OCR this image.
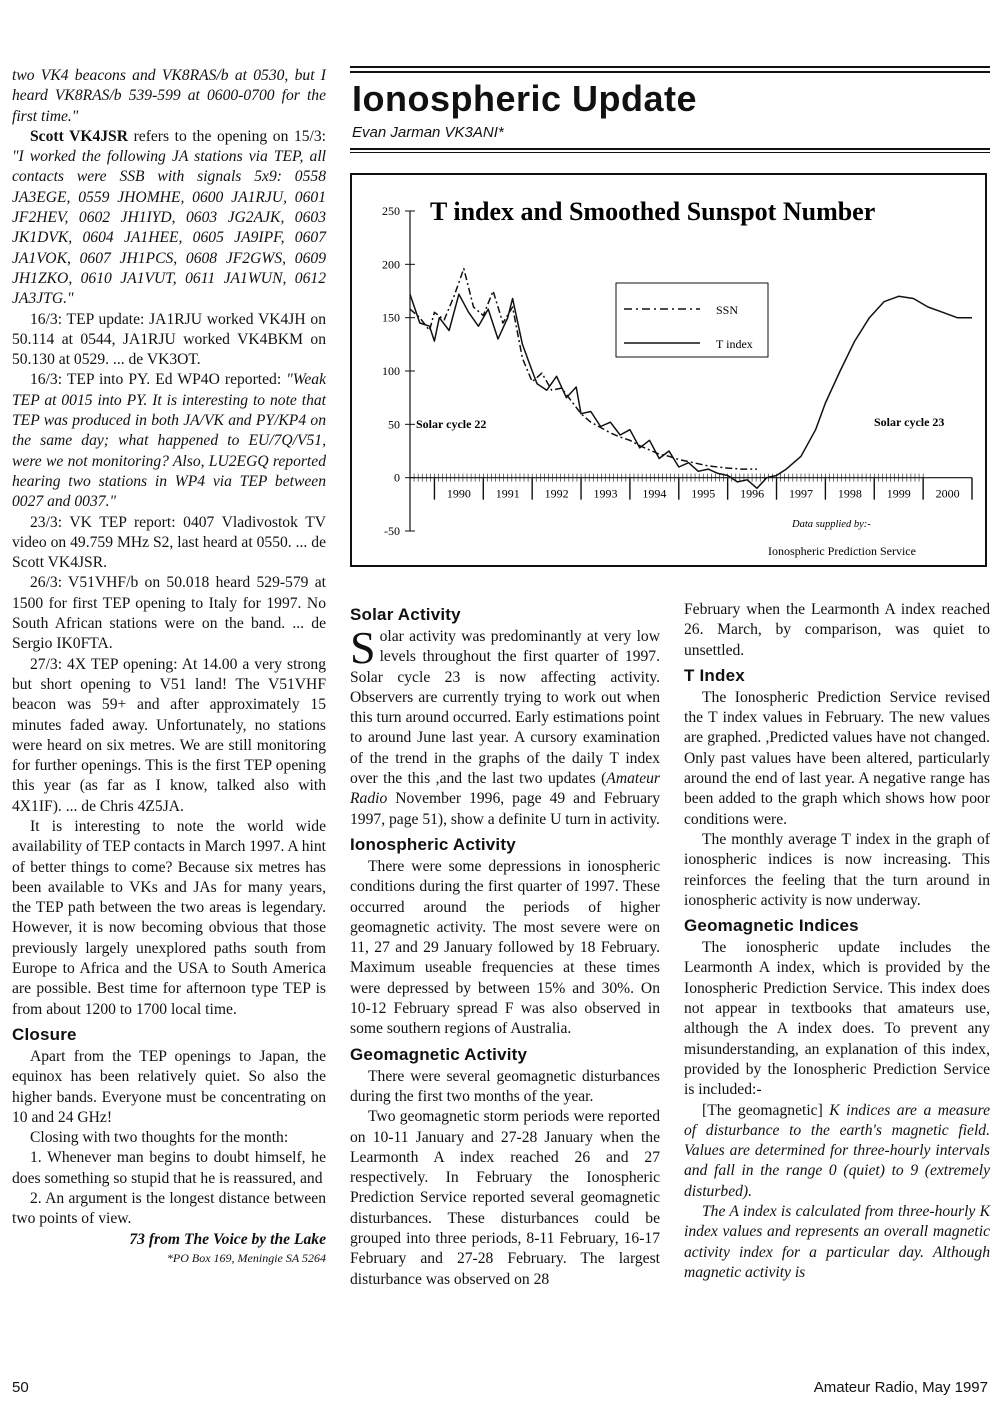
two VK4 beacons and VK8RAS/b at 0530, but I heard VK8RAS/b 539-599 at 0600-0700 for the first time."

Scott VK4JSR refers to the opening on 15/3: "I worked the following JA stations via TEP, all contacts were SSB with signals 5x9: 0558 JA3EGE, 0559 JHOMHE, 0600 JA1RJU, 0601 JF2HEV, 0602 JH1IYD, 0603 JG2AJK, 0603 JK1DVK, 0604 JA1HEE, 0605 JA9IPF, 0607 JA1VOK, 0607 JH1PCS, 0608 JF2GWS, 0609 JH1ZKO, 0610 JA1VUT, 0611 JA1WUN, 0612 JA3JTG."

16/3: TEP update: JA1RJU worked VK4JH on 50.114 at 0544, JA1RJU worked VK4BKM on 50.130 at 0529. ... de VK3OT.

16/3: TEP into PY. Ed WP4O reported: "Weak TEP at 0015 into PY. It is interesting to note that TEP was produced in both JA/VK and PY/KP4 on the same day; what happened to EU/7Q/V51, were we not monitoring? Also, LU2EGQ reported hearing two stations in WP4 via TEP between 0027 and 0037."

23/3: VK TEP report: 0407 Vladivostok TV video on 49.759 MHz S2, last heard at 0550. ... de Scott VK4JSR.

26/3: V51VHF/b on 50.018 heard 529-579 at 1500 for first TEP opening to Italy for 1997. No South African stations were on the band. ... de Sergio IK0FTA.

27/3: 4X TEP opening: At 14.00 a very strong but short opening to V51 land! The V51VHF beacon was 59+ and after approximately 15 minutes faded away. Unfortunately, no stations were heard on six metres. We are still monitoring for further openings. This is the first TEP opening this year (as far as I know, talked also with 4X1IF). ... de Chris 4Z5JA.

It is interesting to note the world wide availability of TEP contacts in March 1997. A hint of better things to come? Because six metres has been available to VKs and JAs for many years, the TEP path between the two areas is legendary. However, it is now becoming obvious that those previously largely unexplored paths south from Europe to Africa and the USA to South America are possible. Best time for afternoon type TEP is from about 1200 to 1700 local time.

Closure

Apart from the TEP openings to Japan, the equinox has been relatively quiet. So also the higher bands. Everyone must be concentrating on 10 and 24 GHz!

Closing with two thoughts for the month:

1. Whenever man begins to doubt himself, he does something so stupid that he is reassured, and

2. An argument is the longest distance between two points of view.

73 from The Voice by the Lake

*PO Box 169, Meningie SA 5264

Ionospheric Update
Evan Jarman VK3ANI*
T index and Smoothed Sunspot Number
-50
0
50
100
150
200
250
1990 1991 1992 1993 1994 1995 1996 1997 1998 1999 2000
SSN
T index
Solar cycle 22	Solar cycle 23
Data supplied by:-
Ionospheric Prediction Service
Solar Activity

Solar activity was predominantly at very low levels throughout the first quarter of 1997. Solar cycle 23 is now affecting activity. Observers are currently trying to work out when this turn around occurred. Early estimations point to around June last year. A cursory examination of the trend in the graphs of the daily T index over the this ,and the last two updates (Amateur Radio November 1996, page 49 and February 1997, page 51), show a definite U turn in activity.

Ionospheric Activity

There were some depressions in ionospheric conditions during the first quarter of 1997. These occurred around the periods of higher geomagnetic activity. The most severe were on 11, 27 and 29 January followed by 18 February. Maximum useable frequencies at these times were depressed by between 15% and 30%. On 10-12 February spread F was also observed in some southern regions of Australia.

Geomagnetic Activity

There were several geomagnetic disturbances during the first two months of the year.

Two geomagnetic storm periods were reported on 10-11 January and 27-28 January when the Learmonth A index reached 26 and 27 respectively. In February the Ionospheric Prediction Service reported several geomagnetic disturbances. These disturbances could be grouped into three periods, 8-11 February, 16-17 February and 27-28 February. The largest disturbance was observed on 28

February when the Learmonth A index reached 26. March, by comparison, was quiet to unsettled.

T Index

The Ionospheric Prediction Service revised the T index values in February. The new values are graphed. ,Predicted values have not changed. Only past values have been altered, particularly around the end of last year. A negative range has been added to the graph which shows how poor conditions were.

The monthly average T index in the graph of ionospheric indices is now increasing. This reinforces the feeling that the turn around in ionospheric activity is now underway.

Geomagnetic Indices

The ionospheric update includes the Learmonth A index, which is provided by the Ionospheric Prediction Service. This index does not appear in textbooks that amateurs use, although the A index does. To prevent any misunderstanding, an explanation of this index, provided by the Ionospheric Prediction Service is included:-

[The geomagnetic] K indices are a measure of disturbance to the earth's magnetic field. Values are determined for three-hourly intervals and fall in the range 0 (quiet) to 9 (extremely disturbed).

The A index is calculated from three-hourly K index values and represents an overall magnetic activity index for a particular day. Although magnetic activity is

50	Amateur Radio, May 1997
